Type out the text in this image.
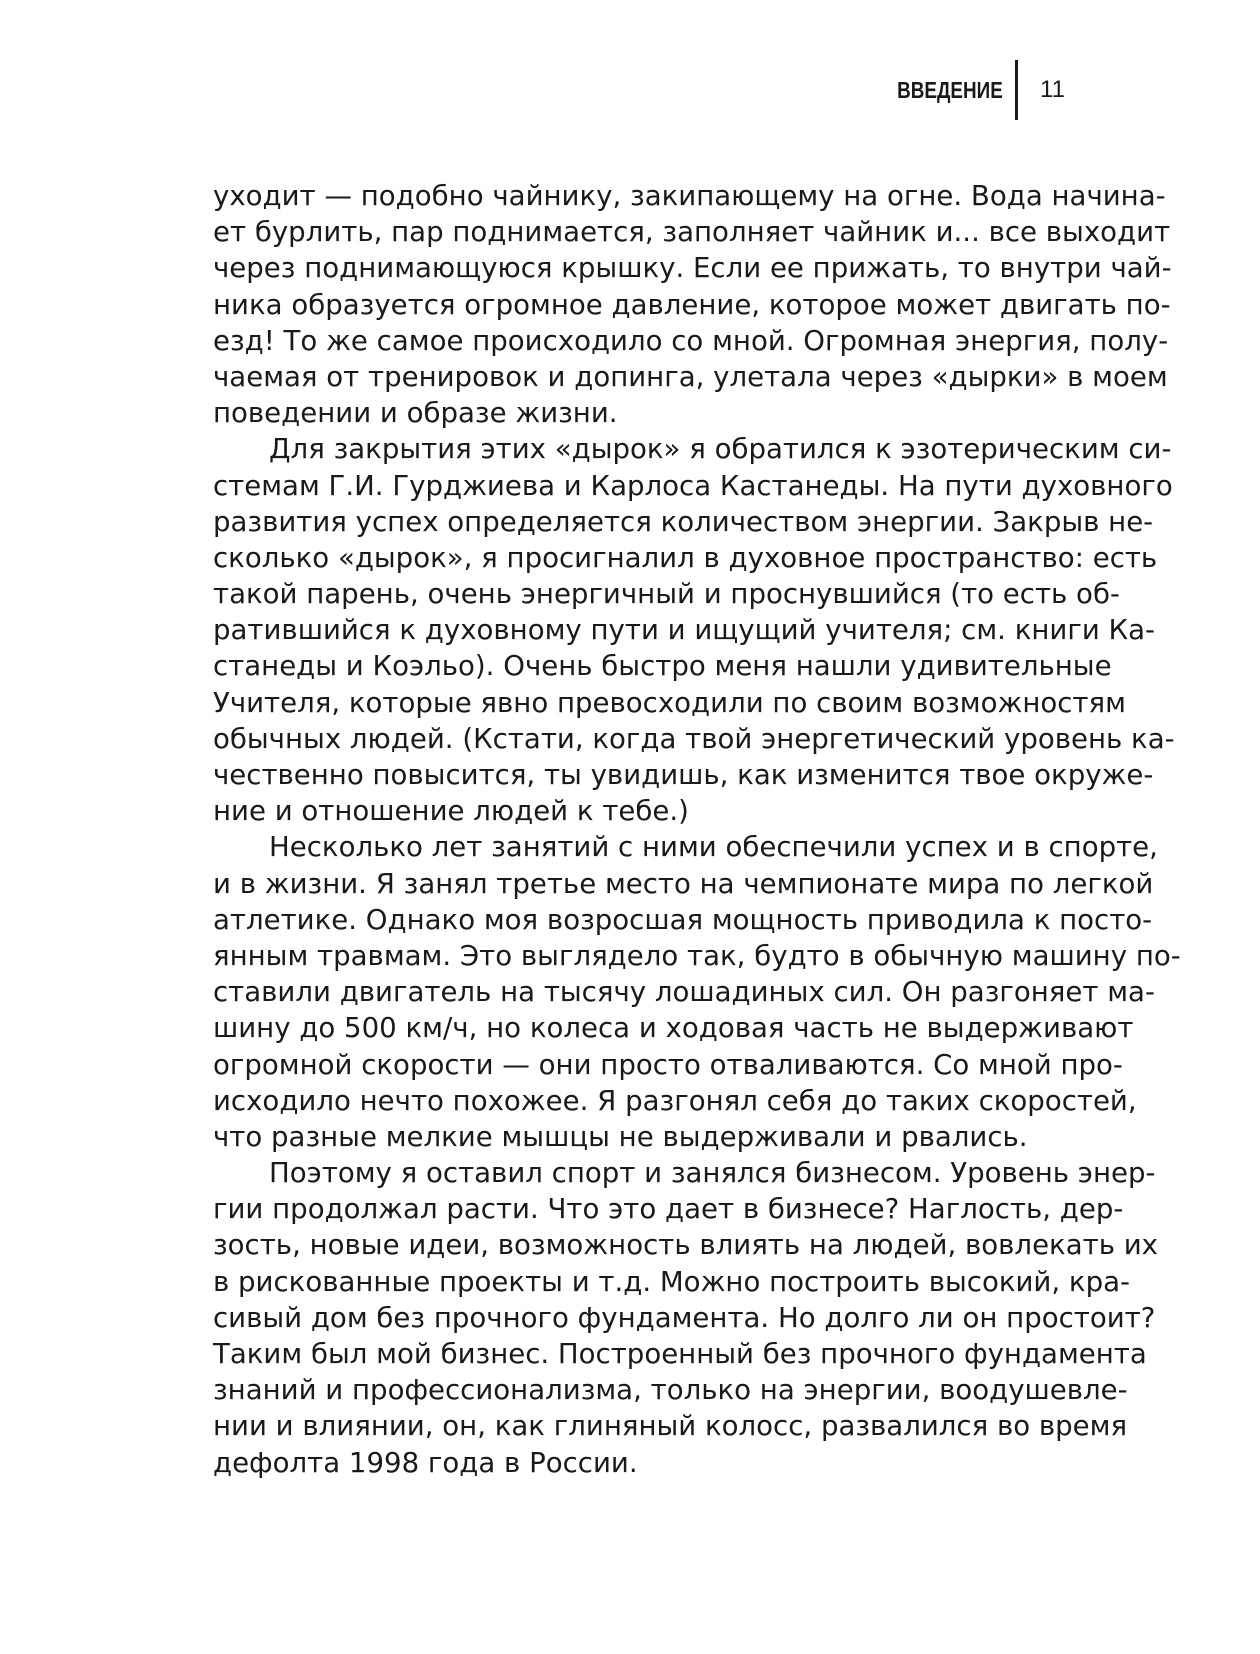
ВВЕДЕНИЕ 11
уходит — подобно чайнику, закипающему на огне. Вода начина-
ет бурлить, пар поднимается, заполняет чайник и... все выходит
через поднимающуюся крышку. Если ее прижать, то внутри чай-
ника образуется огромное давление, которое может двигать по-
езд! То же самое происходило со мной. Огромная энергия, полу-
чаемая от тренировок и допинга, улетала через «дырки» в моем
поведении и образе жизни.
Для закрытия этих «дырок» я обратился к эзотерическим си-
стемам Г.И. Гурджиева и Карлоса Кастанеды. На пути духовного
развития успех определяется количеством энергии. Закрыв не-
сколько «дырок», я просигналил в духовное пространство: есть
такой парень, очень энергичный и проснувшийся (то есть об-
ратившийся к духовному пути и ищущий учителя; см. книги Ка-
станеды и Коэльо). Очень быстро меня нашли удивительные
Учителя, которые явно превосходили по своим возможностям
обычных людей. (Кстати, когда твой энергетический уровень ка-
чественно повысится, ты увидишь, как изменится твое окруже-
ние и отношение людей к тебе.)
Несколько лет занятий с ними обеспечили успех и в спорте,
и в жизни. Я занял третье место на чемпионате мира по легкой
атлетике. Однако моя возросшая мощность приводила к посто-
янным травмам. Это выглядело так, будто в обычную машину по-
ставили двигатель на тысячу лошадиных сил. Он разгоняет ма-
шину до 500 км/ч, но колеса и ходовая часть не выдерживают
огромной скорости — они просто отваливаются. Со мной про-
исходило нечто похожее. Я разгонял себя до таких скоростей,
что разные мелкие мышцы не выдерживали и рвались.
Поэтому я оставил спорт и занялся бизнесом. Уровень энер-
гии продолжал расти. Что это дает в бизнесе? Наглость, дер-
зость, новые идеи, возможность влиять на людей, вовлекать их
в рискованные проекты и т.д. Можно построить высокий, кра-
сивый дом без прочного фундамента. Но долго ли он простоит?
Таким был мой бизнес. Построенный без прочного фундамента
знаний и профессионализма, только на энергии, воодушевле-
нии и влиянии, он, как глиняный колосс, развалился во время
дефолта 1998 года в России.
